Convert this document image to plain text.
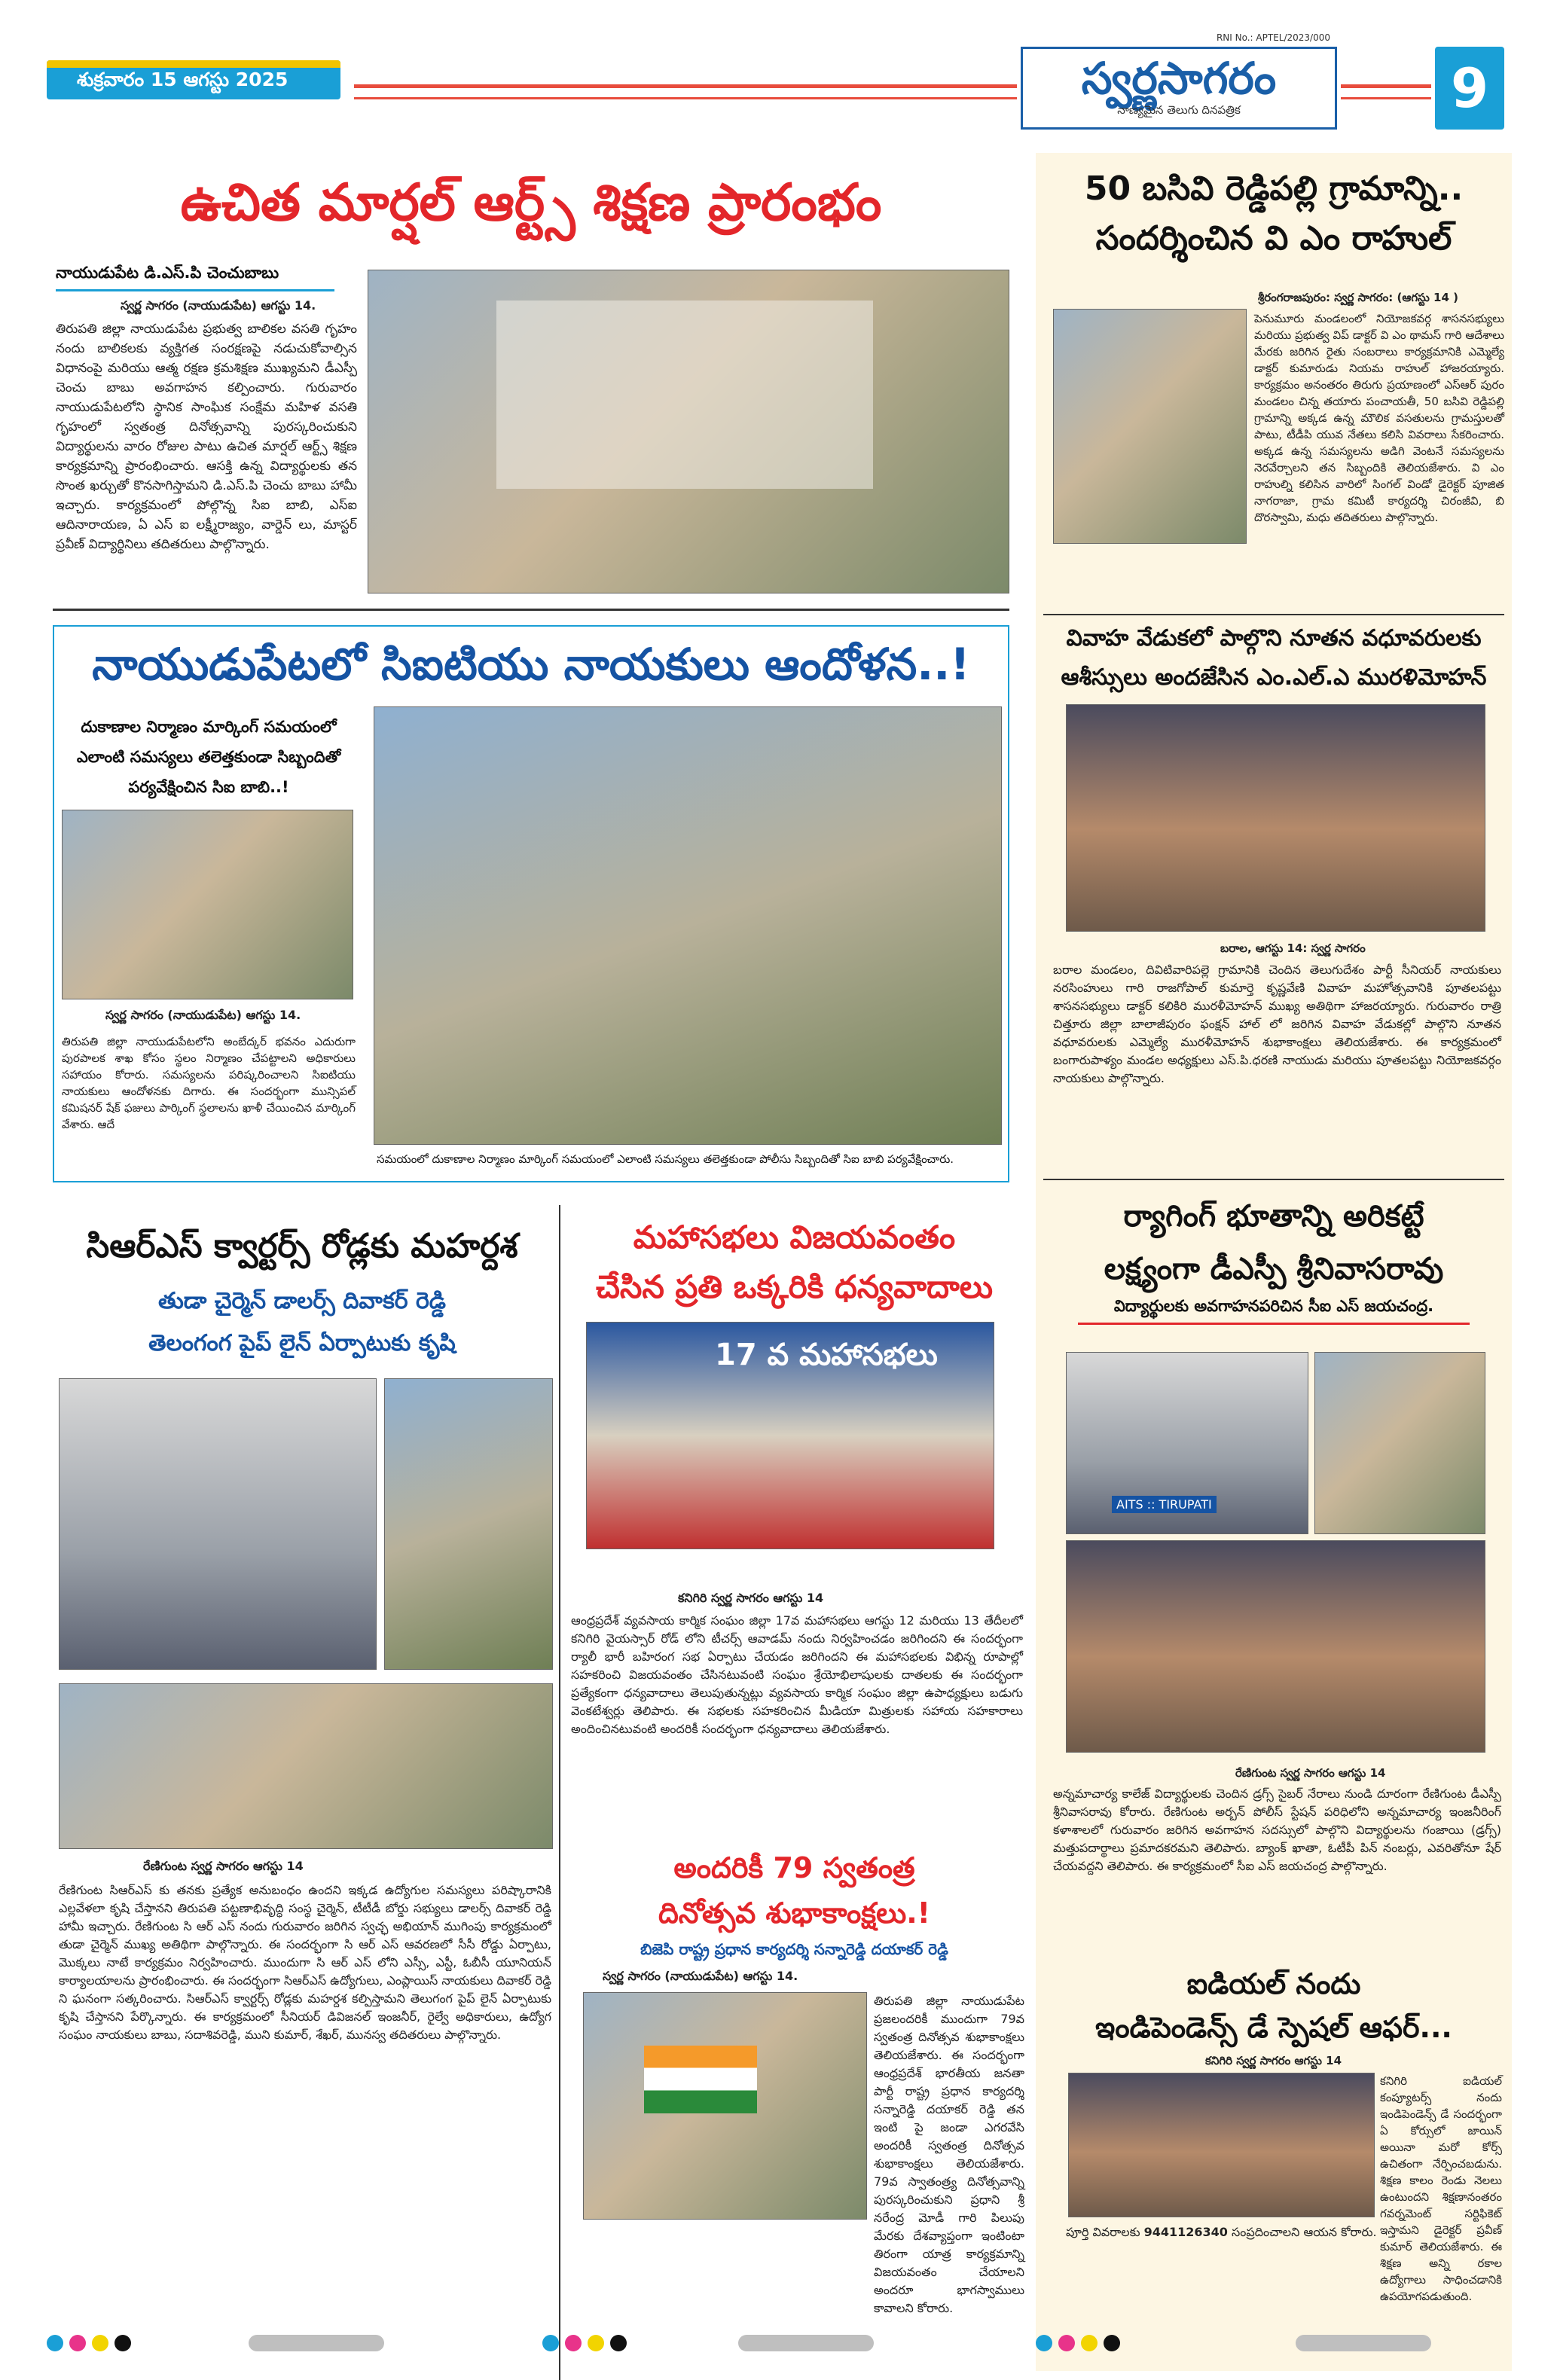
శుక్రవారం 15 ఆగస్టు 2025
RNI No.: APTEL/2023/000
స్వర్ణసాగరం
నాణ్యమైన తెలుగు దినపత్రిక	9
ఉచిత మార్షల్ ఆర్ట్స్ శిక్షణ ప్రారంభం
నాయుడుపేట డి.ఎస్.పి చెంచుబాబు
స్వర్ణ సాగరం (నాయుడుపేట) ఆగస్టు 14.
తిరుపతి జిల్లా నాయుడుపేట ప్రభుత్వ బాలికల వసతి గృహం నందు బాలికలకు వ్యక్తిగత సంరక్షణపై నడుచుకోవాల్సిన విధానంపై మరియు ఆత్మ రక్షణ క్రమశిక్షణ ముఖ్యమని డీఎస్పీ చెంచు బాబు అవగాహన కల్పించారు. గురువారం నాయుడుపేటలోని స్థానిక సాంఘిక సంక్షేమ మహిళ వసతి గృహంలో స్వతంత్ర దినోత్సవాన్ని పురస్కరించుకుని విద్యార్థులను వారం రోజుల పాటు ఉచిత మార్షల్ ఆర్ట్స్ శిక్షణ కార్యక్రమాన్ని ప్రారంభించారు. ఆసక్తి ఉన్న విద్యార్థులకు తన సొంత ఖర్చుతో కొనసాగిస్తామని డి.ఎస్.పి చెంచు బాబు హామీ ఇచ్చారు. కార్యక్రమంలో పోల్గొన్న సిఐ బాబి, ఎస్ఐ ఆదినారాయణ, ఏ ఎస్ ఐ లక్ష్మీరాజ్యం, వార్డెన్ లు, మాస్టర్ ప్రవీణ్ విద్యార్థినిలు తదితరులు పాల్గొన్నారు.
నాయుడుపేటలో సిఐటియు నాయకులు ఆందోళన..!
దుకాణాల నిర్మాణం మార్కింగ్ సమయంలో
ఎలాంటి సమస్యలు తలెత్తకుండా సిబ్బందితో
పర్యవేక్షించిన సిఐ బాబి..!
స్వర్ణ సాగరం (నాయుడుపేట) ఆగస్టు 14.
తిరుపతి జిల్లా నాయుడుపేటలోని అంబేద్కర్ భవనం ఎదురుగా పురపాలక శాఖ కోసం స్థలం నిర్మాణం చేపట్టాలని అధికారులు సహాయం కోరారు. సమస్యలను పరిష్కరించాలని సిఐటియు నాయకులు ఆందోళనకు దిగారు. ఈ సందర్భంగా మున్సిపల్ కమిషనర్ షేక్ ఫజులు పార్కింగ్ స్థలాలను ఖాళీ చేయించిన మార్కింగ్ వేశారు. ఆదే
సమయంలో దుకాణాల నిర్మాణం మార్కింగ్ సమయంలో ఎలాంటి సమస్యలు తలెత్తకుండా పోలీసు సిబ్బందితో సిఐ బాబి పర్యవేక్షించారు.
సిఆర్ఎస్ క్వార్టర్స్ రోడ్లకు మహర్దశ
తుడా చైర్మెన్ డాలర్స్ దివాకర్ రెడ్డి
తెలంగంగ పైప్ లైన్ ఏర్పాటుకు కృషి
రేణిగుంట స్వర్ణ సాగరం ఆగస్టు 14
రేణిగుంట సిఆర్ఎస్ కు తనకు ప్రత్యేక అనుబంధం ఉందని ఇక్కడ ఉద్యోగుల సమస్యలు పరిష్కారానికి ఎల్లవేళలా కృషి చేస్తానని తిరుపతి పట్టణాభివృద్ధి సంస్థ చైర్మెన్, టీటీడీ బోర్డు సభ్యులు డాలర్స్ దివాకర్ రెడ్డి హామీ ఇచ్చారు. రేణిగుంట సి ఆర్ ఎస్ నందు గురువారం జరిగిన స్వచ్ఛ అభియాన్ ముగింపు కార్యక్రమంలో తుడా చైర్మెన్ ముఖ్య అతిథిగా పాల్గొన్నారు. ఈ సందర్భంగా సి ఆర్ ఎస్ ఆవరణలో సీసీ రోడ్డు ఏర్పాటు, మొక్కలు నాటే కార్యక్రమం నిర్వహించారు. ముందుగా సి ఆర్ ఎస్ లోని ఎస్సీ, ఎస్టీ, ఓబీసీ యూనియన్ కార్యాలయాలను ప్రారంభించారు. ఈ సందర్భంగా సిఆర్ఎస్ ఉద్యోగులు, ఎంప్లాయిస్ నాయకులు దివాకర్ రెడ్డి ని ఘనంగా సత్కరించారు. సిఆర్ఎస్ క్వార్టర్స్ రోడ్లకు మహర్దశ కల్పిస్తామని తెలుగంగ పైప్ లైన్ ఏర్పాటుకు కృషి చేస్తానని పేర్కొన్నారు. ఈ కార్యక్రమంలో సీనియర్ డివిజనల్ ఇంజనీర్, రైల్వే అధికారులు, ఉద్యోగ సంఘం నాయకులు బాబు, సదాశివరెడ్డి, ముని కుమార్, శేఖర్, మునస్వ తదితరులు పాల్గొన్నారు.
మహాసభలు విజయవంతం
చేసిన ప్రతి ఒక్కరికి ధన్యవాదాలు
17 వ మహాసభలు
కనిగిరి స్వర్ణ సాగరం ఆగస్టు 14
ఆంధ్రప్రదేశ్ వ్యవసాయ కార్మిక సంఘం జిల్లా 17వ మహాసభలు ఆగస్టు 12 మరియు 13 తేదీలలో కనిగిరి వైయస్సార్ రోడ్ లోని టీచర్స్ ఆవాడమ్ నందు నిర్వహించడం జరిగిందని ఈ సందర్భంగా ర్యాలీ భారీ బహిరంగ సభ ఏర్పాటు చేయడం జరిగిందని ఈ మహాసభలకు విభిన్న రూపాల్లో సహకరించి విజయవంతం చేసినటువంటి సంఘం శ్రేయోభిలాషులకు దాతలకు ఈ సందర్భంగా ప్రత్యేకంగా ధన్యవాదాలు తెలుపుతున్నట్లు వ్యవసాయ కార్మిక సంఘం జిల్లా ఉపాధ్యక్షులు బడుగు వెంకటేశ్వర్లు తెలిపారు. ఈ సభలకు సహకరించిన మీడియా మిత్రులకు సహాయ సహకారాలు అందించినటువంటి అందరికీ సందర్భంగా ధన్యవాదాలు తెలియజేశారు.
అందరికీ 79 స్వతంత్ర
దినోత్సవ శుభాకాంక్షలు.!
బిజెపి రాష్ట్ర ప్రధాన కార్యదర్శి సన్నారెడ్డి దయాకర్ రెడ్డి
స్వర్ణ సాగరం (నాయుడుపేట) ఆగస్టు 14.
తిరుపతి జిల్లా నాయుడుపేట ప్రజలందరికీ ముందుగా 79వ స్వతంత్ర దినోత్సవ శుభాకాంక్షలు తెలియజేశారు. ఈ సందర్భంగా ఆంధ్రప్రదేశ్ భారతీయ జనతా పార్టీ రాష్ట్ర ప్రధాన కార్యదర్శి సన్నారెడ్డి దయాకర్ రెడ్డి తన ఇంటి పై జండా ఎగరవేసి అందరికీ స్వతంత్ర దినోత్సవ శుభాకాంక్షలు తెలియజేశారు. 79వ స్వాతంత్ర్య దినోత్సవాన్ని పురస్కరించుకుని ప్రధాని శ్రీ నరేంద్ర మోడీ గారి పిలుపు మేరకు దేశవ్యాప్తంగా ఇంటింటా తిరంగా యాత్ర కార్యక్రమాన్ని విజయవంతం చేయాలని అందరూ భాగస్వాములు కావాలని కోరారు.
50 బసివి రెడ్డిపల్లి గ్రామాన్ని..
సందర్శించిన వి ఎం రాహుల్
శ్రీరంగరాజపురం: స్వర్ణ సాగరం: (ఆగస్టు 14 )
పెనుమూరు మండలంలో నియోజకవర్గ శాసనసభ్యులు మరియు ప్రభుత్వ విప్ డాక్టర్ వి ఎం థామస్ గారి ఆదేశాలు మేరకు జరిగిన రైతు సంబరాలు కార్యక్రమానికి ఎమ్మెల్యే డాక్టర్ కుమారుడు నియమ రాహుల్ హాజరయ్యారు. కార్యక్రమం అనంతరం తిరుగు ప్రయాణంలో ఎస్ఆర్ పురం మండలం చిన్న తయారు పంచాయతీ, 50 బసివి రెడ్డిపల్లి గ్రామాన్ని అక్కడ ఉన్న మౌలిక వసతులను గ్రామస్తులతో పాటు, టీడీపి యువ నేతలు కలిసి వివరాలు సేకరించారు. అక్కడ ఉన్న సమస్యలను అడిగి వెంటనే సమస్యలను నెరవేర్చాలని తన సిబ్బందికి తెలియజేశారు. వి ఎం రాహుల్ని కలిసిన వారిలో సింగల్ విండో డైరెక్టర్ పూజిత నాగరాజా, గ్రామ కమిటీ కార్యదర్శి చిరంజీవి, బి దొరస్వామి, మధు తదితరులు పాల్గొన్నారు.
వివాహ వేడుకలో పాల్గొని నూతన వధూవరులకు
ఆశీస్సులు అందజేసిన ఎం.ఎల్.ఎ మురళిమోహన్
బరాల, ఆగస్టు 14: స్వర్ణ సాగరం
బరాల మండలం, దివిటివారిపల్లె గ్రామానికి చెందిన తెలుగుదేశం పార్టీ సీనియర్ నాయకులు నరసింహులు గారి రాజగోపాల్ కుమార్తె కృష్ణవేణి వివాహ మహోత్సవానికి పూతలపట్టు శాసనసభ్యులు డాక్టర్ కలికిరి మురళీమోహన్ ముఖ్య అతిథిగా హాజరయ్యారు. గురువారం రాత్రి చిత్తూరు జిల్లా బాలాజీపురం ఫంక్షన్ హాల్ లో జరిగిన వివాహ వేడుకల్లో పాల్గొని నూతన వధూవరులకు ఎమ్మెల్యే మురళీమోహన్ శుభాకాంక్షలు తెలియజేశారు. ఈ కార్యక్రమంలో బంగారుపాళ్యం మండల అధ్యక్షులు ఎస్.పి.ధరణి నాయుడు మరియు పూతలపట్టు నియోజకవర్గం నాయకులు పాల్గొన్నారు.
ర్యాగింగ్ భూతాన్ని అరికట్టే
లక్ష్యంగా డీఎస్పీ శ్రీనివాసరావు
విద్యార్థులకు అవగాహనపరిచిన సీఐ ఎస్ జయచంద్ర.
AITS :: TIRUPATI
రేణిగుంట స్వర్ణ సాగరం ఆగస్టు 14
అన్నమాచార్య కాలేజ్ విద్యార్థులకు చెందిన డ్రగ్స్ సైబర్ నేరాలు నుండి దూరంగా రేణిగుంట డీఎస్పీ శ్రీనివాసరావు కోరారు. రేణిగుంట అర్బన్ పోలీస్ స్టేషన్ పరిధిలోని అన్నమాచార్య ఇంజనీరింగ్ కళాశాలలో గురువారం జరిగిన అవగాహన సదస్సులో పాల్గొని విద్యార్థులను గంజాయి (డ్రగ్స్) మత్తుపదార్థాలు ప్రమాదకరమని తెలిపారు. బ్యాంక్ ఖాతా, ఓటీపీ పిన్ నంబర్లు, ఎవరితోనూ షేర్ చేయవద్దని తెలిపారు. ఈ కార్యక్రమంలో సీఐ ఎస్ జయచంద్ర పాల్గొన్నారు.
ఐడియల్ నందు
ఇండిపెండెన్స్ డే స్పెషల్ ఆఫర్...
కనిగిరి స్వర్ణ సాగరం ఆగస్టు 14
కనిగిరి ఐడియల్ కంప్యూటర్స్ నందు ఇండిపెండెన్స్ డే సందర్భంగా ఏ కోర్సులో జాయిన్ అయినా మరో కోర్స్ ఉచితంగా నేర్పించబడును. శిక్షణ కాలం రెండు నెలలు ఉంటుందని శిక్షణానంతరం గవర్నమెంట్ సర్టిఫికెట్ ఇస్తామని డైరెక్టర్ ప్రవీణ్ కుమార్ తెలియజేశారు. ఈ శిక్షణ అన్ని రకాల ఉద్యోగాలు సాధించడానికి ఉపయోగపడుతుంది.
పూర్తి వివరాలకు 9441126340 సంప్రదించాలని ఆయన కోరారు.
